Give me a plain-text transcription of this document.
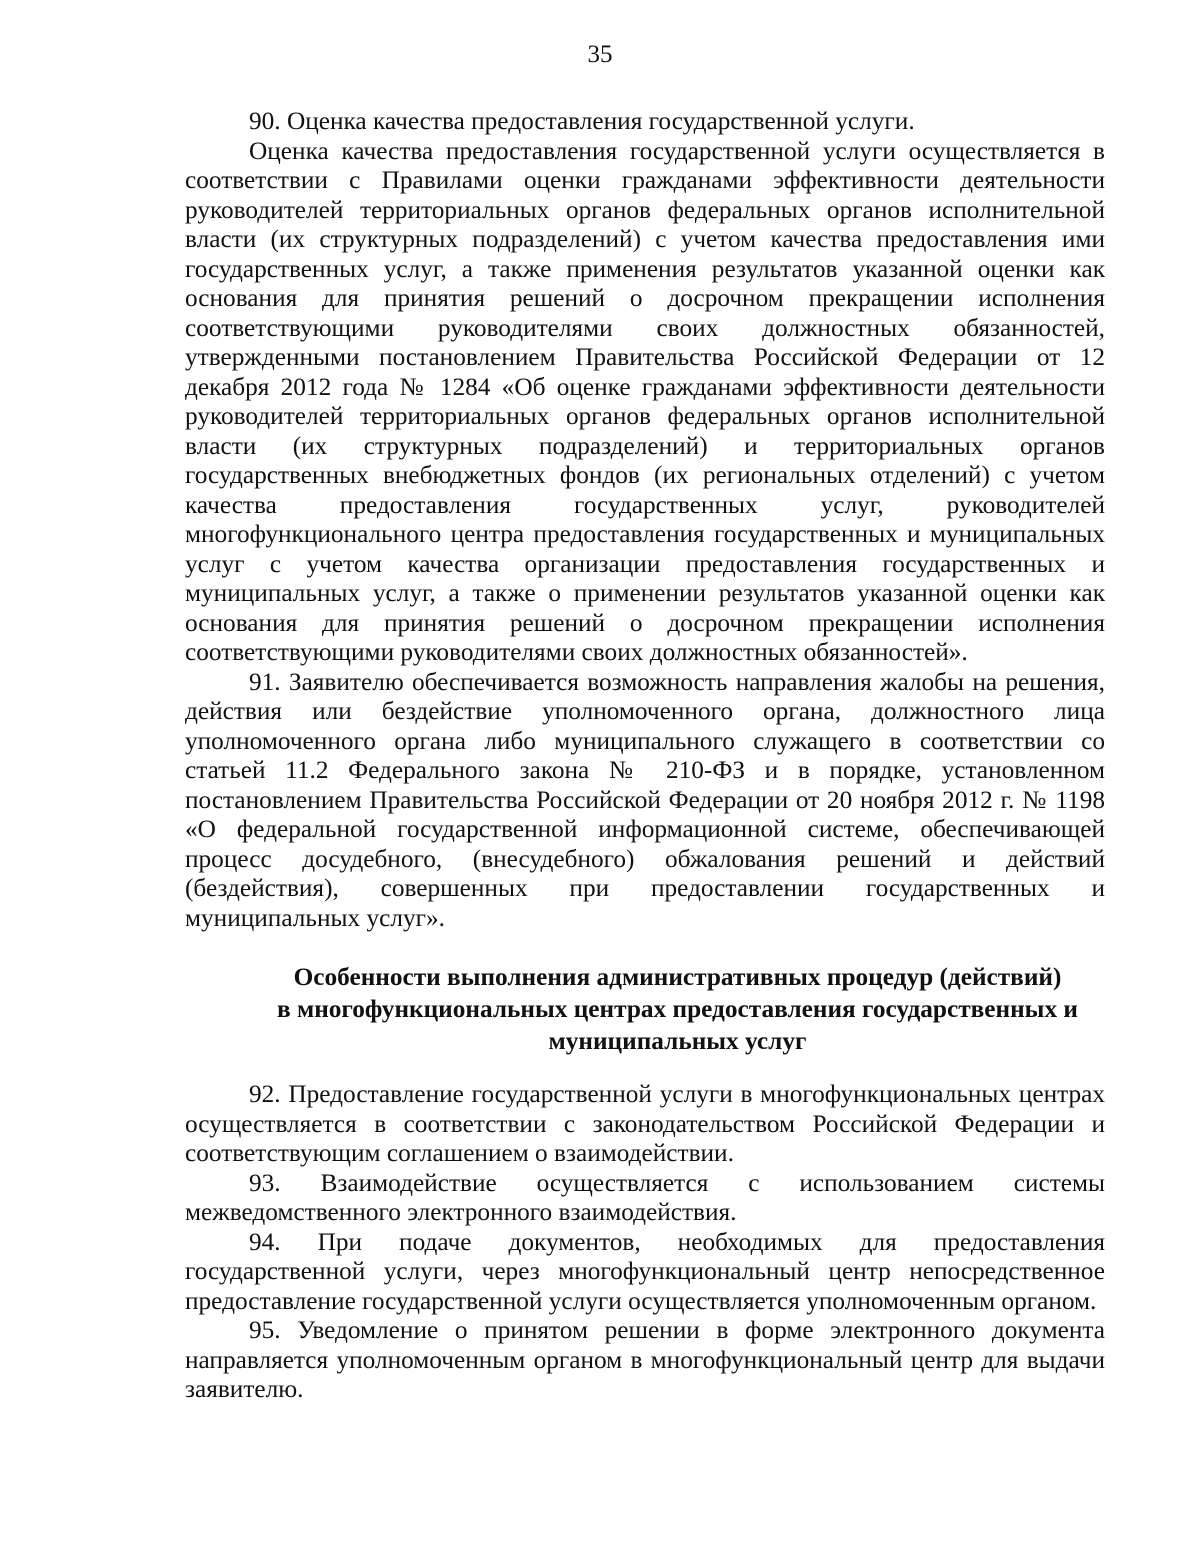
35

90. Оценка качества предоставления государственной услуги.

Оценка качества предоставления государственной услуги осуществляется в соответствии с Правилами оценки гражданами эффективности деятельности руководителей территориальных органов федеральных органов исполнительной власти (их структурных подразделений) с учетом качества предоставления ими государственных услуг, а также применения результатов указанной оценки как основания для принятия решений о досрочном прекращении исполнения соответствующими руководителями своих должностных обязанностей, утвержденными постановлением Правительства Российской Федерации от 12 декабря 2012 года № 1284 «Об оценке гражданами эффективности деятельности руководителей территориальных органов федеральных органов исполнительной власти (их структурных подразделений) и территориальных органов государственных внебюджетных фондов (их региональных отделений) с учетом качества предоставления государственных услуг, руководителей многофункционального центра предоставления государственных и муниципальных услуг с учетом качества организации предоставления государственных и муниципальных услуг, а также о применении результатов указанной оценки как основания для принятия решений о досрочном прекращении исполнения соответствующими руководителями своих должностных обязанностей».

91. Заявителю обеспечивается возможность направления жалобы на решения, действия или бездействие уполномоченного органа, должностного лица уполномоченного органа либо муниципального служащего в соответствии со статьей 11.2 Федерального закона № 210-ФЗ и в порядке, установленном постановлением Правительства Российской Федерации от 20 ноября 2012 г. № 1198 «О федеральной государственной информационной системе, обеспечивающей процесс досудебного, (внесудебного) обжалования решений и действий (бездействия), совершенных при предоставлении государственных и муниципальных услуг».

Особенности выполнения административных процедур (действий)
в многофункциональных центрах предоставления государственных и
муниципальных услуг

92. Предоставление государственной услуги в многофункциональных центрах осуществляется в соответствии с законодательством Российской Федерации и соответствующим соглашением о взаимодействии.

93. Взаимодействие осуществляется с использованием системы межведомственного электронного взаимодействия.

94. При подаче документов, необходимых для предоставления государственной услуги, через многофункциональный центр непосредственное предоставление государственной услуги осуществляется уполномоченным органом.

95. Уведомление о принятом решении в форме электронного документа направляется уполномоченным органом в многофункциональный центр для выдачи заявителю.
